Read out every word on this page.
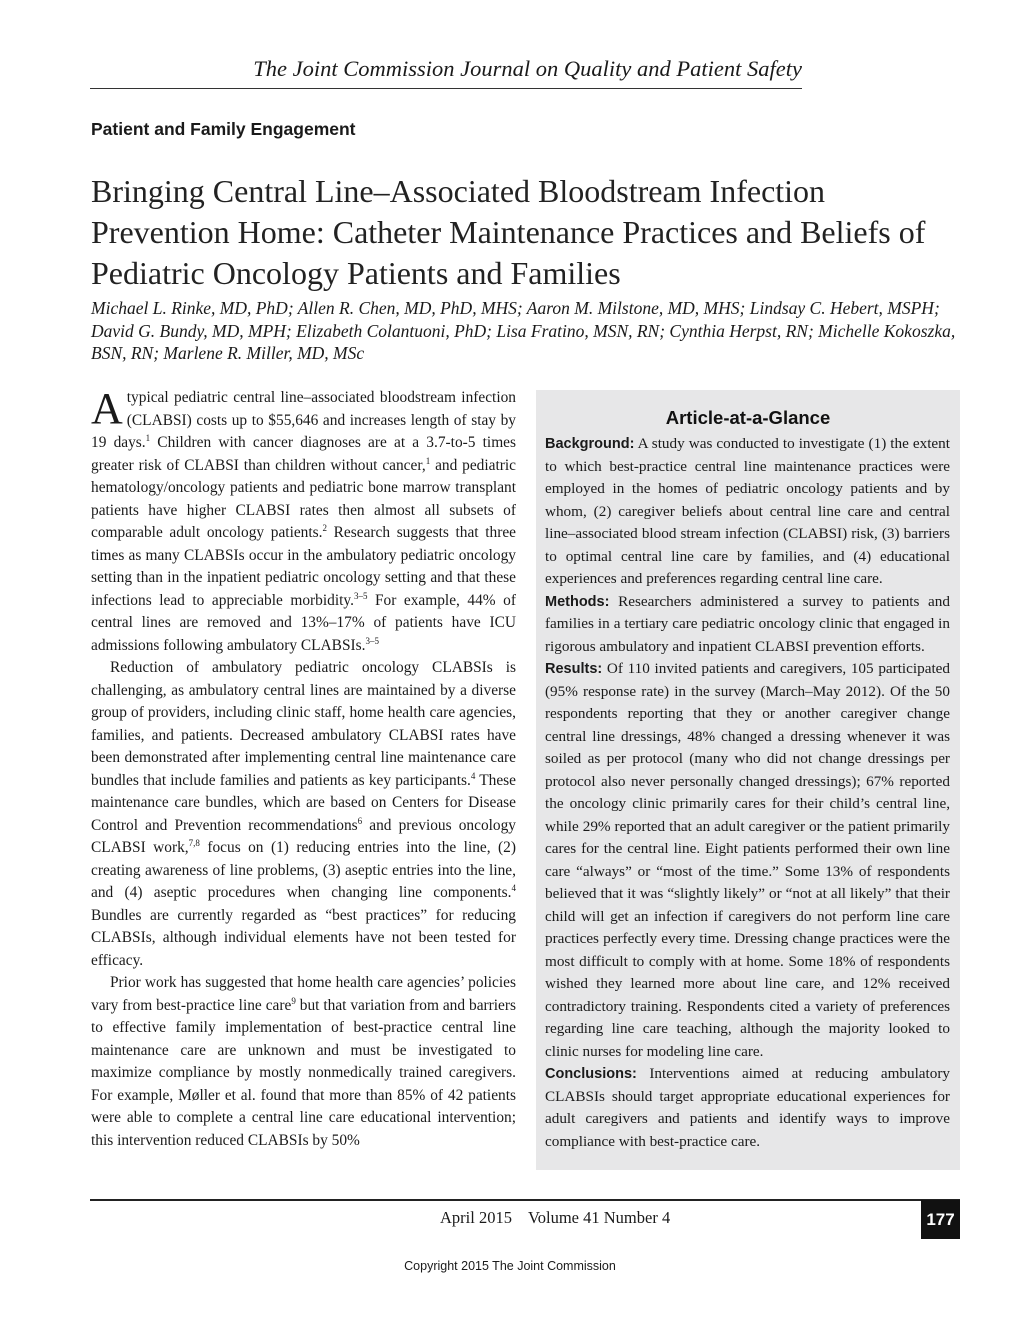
The Joint Commission Journal on Quality and Patient Safety
Patient and Family Engagement
Bringing Central Line–Associated Bloodstream Infection Prevention Home: Catheter Maintenance Practices and Beliefs of Pediatric Oncology Patients and Families
Michael L. Rinke, MD, PhD; Allen R. Chen, MD, PhD, MHS; Aaron M. Milstone, MD, MHS; Lindsay C. Hebert, MSPH; David G. Bundy, MD, MPH; Elizabeth Colantuoni, PhD; Lisa Fratino, MSN, RN; Cynthia Herpst, RN; Michelle Kokoszka, BSN, RN; Marlene R. Miller, MD, MSc

Atypical pediatric central line–associated bloodstream infection (CLABSI) costs up to $55,646 and increases length of stay by 19 days.$^1$ Children with cancer diagnoses are at a 3.7-to-5 times greater risk of CLABSI than children without cancer,$^1$ and pediatric hematology/oncology patients and pediatric bone marrow transplant patients have higher CLABSI rates then almost all subsets of comparable adult oncology patients.$^2$ Research suggests that three times as many CLABSIs occur in the ambulatory pediatric oncology setting than in the inpatient pediatric oncology setting and that these infections lead to appreciable morbidity.$^{3-5}$ For example, 44% of central lines are removed and 13%–17% of patients have ICU admissions following ambulatory CLABSIs.$^{3-5}$

Reduction of ambulatory pediatric oncology CLABSIs is challenging, as ambulatory central lines are maintained by a diverse group of providers, including clinic staff, home health care agencies, families, and patients. Decreased ambulatory CLABSI rates have been demonstrated after implementing central line maintenance care bundles that include families and patients as key participants.$^4$ These maintenance care bundles, which are based on Centers for Disease Control and Prevention recommendations$^6$ and previous oncology CLABSI work,$^{7,8}$ focus on (1) reducing entries into the line, (2) creating awareness of line problems, (3) aseptic entries into the line, and (4) aseptic procedures when changing line components.$^4$ Bundles are currently regarded as “best practices” for reducing CLABSIs, although individual elements have not been tested for efficacy.

Prior work has suggested that home health care agencies’ policies vary from best-practice line care$^9$ but that variation from and barriers to effective family implementation of best-practice central line maintenance care are unknown and must be investigated to maximize compliance by mostly nonmedically trained caregivers. For example, Møller et al. found that more than 85% of 42 patients were able to complete a central line care educational intervention; this intervention reduced CLABSIs by 50%

Article-at-a-Glance

Background: A study was conducted to investigate (1) the extent to which best-practice central line maintenance practices were employed in the homes of pediatric oncology patients and by whom, (2) caregiver beliefs about central line care and central line–associated blood stream infection (CLABSI) risk, (3) barriers to optimal central line care by families, and (4) educational experiences and preferences regarding central line care.

Methods: Researchers administered a survey to patients and families in a tertiary care pediatric oncology clinic that engaged in rigorous ambulatory and inpatient CLABSI prevention efforts.

Results: Of 110 invited patients and caregivers, 105 participated (95% response rate) in the survey (March–May 2012). Of the 50 respondents reporting that they or another caregiver change central line dressings, 48% changed a dressing whenever it was soiled as per protocol (many who did not change dressings per protocol also never personally changed dressings); 67% reported the oncology clinic primarily cares for their child’s central line, while 29% reported that an adult caregiver or the patient primarily cares for the central line. Eight patients performed their own line care “always” or “most of the time.” Some 13% of respondents believed that it was “slightly likely” or “not at all likely” that their child will get an infection if caregivers do not perform line care practices perfectly every time. Dressing change practices were the most difficult to comply with at home. Some 18% of respondents wished they learned more about line care, and 12% received contradictory training. Respondents cited a variety of preferences regarding line care teaching, although the majority looked to clinic nurses for modeling line care.

Conclusions: Interventions aimed at reducing ambulatory CLABSIs should target appropriate educational experiences for adult caregivers and patients and identify ways to improve compliance with best-practice care.

April 2015 Volume 41 Number 4	177
Copyright 2015 The Joint Commission
